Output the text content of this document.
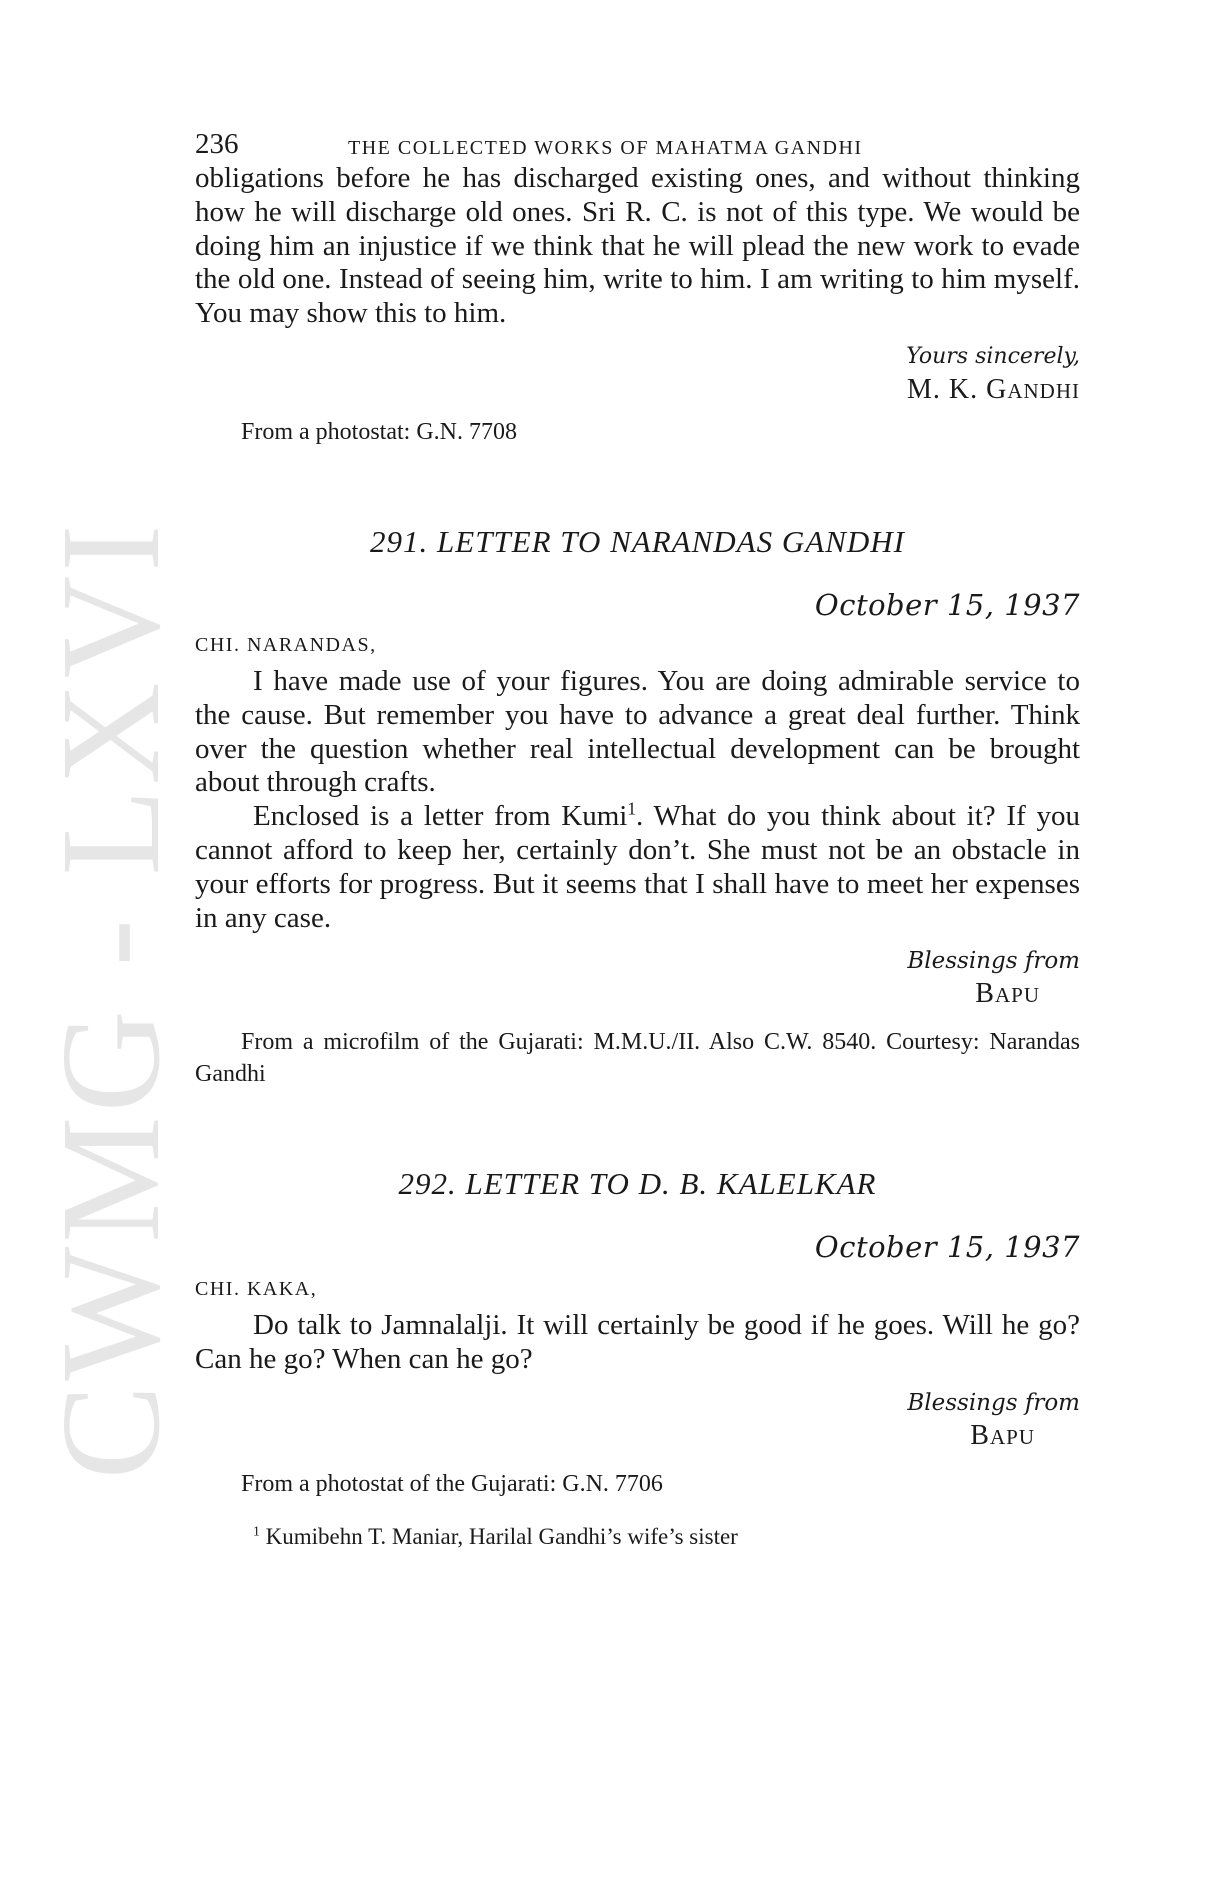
CWMG - LXVI
236	THE COLLECTED WORKS OF MAHATMA GANDHI

obligations before he has discharged existing ones, and without thinking how he will discharge old ones. Sri R. C. is not of this type. We would be doing him an injustice if we think that he will plead the new work to evade the old one. Instead of seeing him, write to him. I am writing to him myself. You may show this to him.

Yours sincerely,
M. K. GANDHI

From a photostat: G.N. 7708

291. LETTER TO NARANDAS GANDHI

October 15, 1937

CHI. NARANDAS,

I have made use of your figures. You are doing admirable service to the cause. But remember you have to advance a great deal further. Think over the question whether real intellectual development can be brought about through crafts.

Enclosed is a letter from Kumi$^1$. What do you think about it? If you cannot afford to keep her, certainly don’t. She must not be an obstacle in your efforts for progress. But it seems that I shall have to meet her expenses in any case.

Blessings from
BAPU

From a microfilm of the Gujarati: M.M.U./II. Also C.W. 8540. Courtesy: Narandas Gandhi

292. LETTER TO D. B. KALELKAR

October 15, 1937

CHI. KAKA,

Do talk to Jamnalalji. It will certainly be good if he goes. Will he go? Can he go? When can he go?

Blessings from
BAPU

From a photostat of the Gujarati: G.N. 7706

$^1$ Kumibehn T. Maniar, Harilal Gandhi’s wife’s sister
